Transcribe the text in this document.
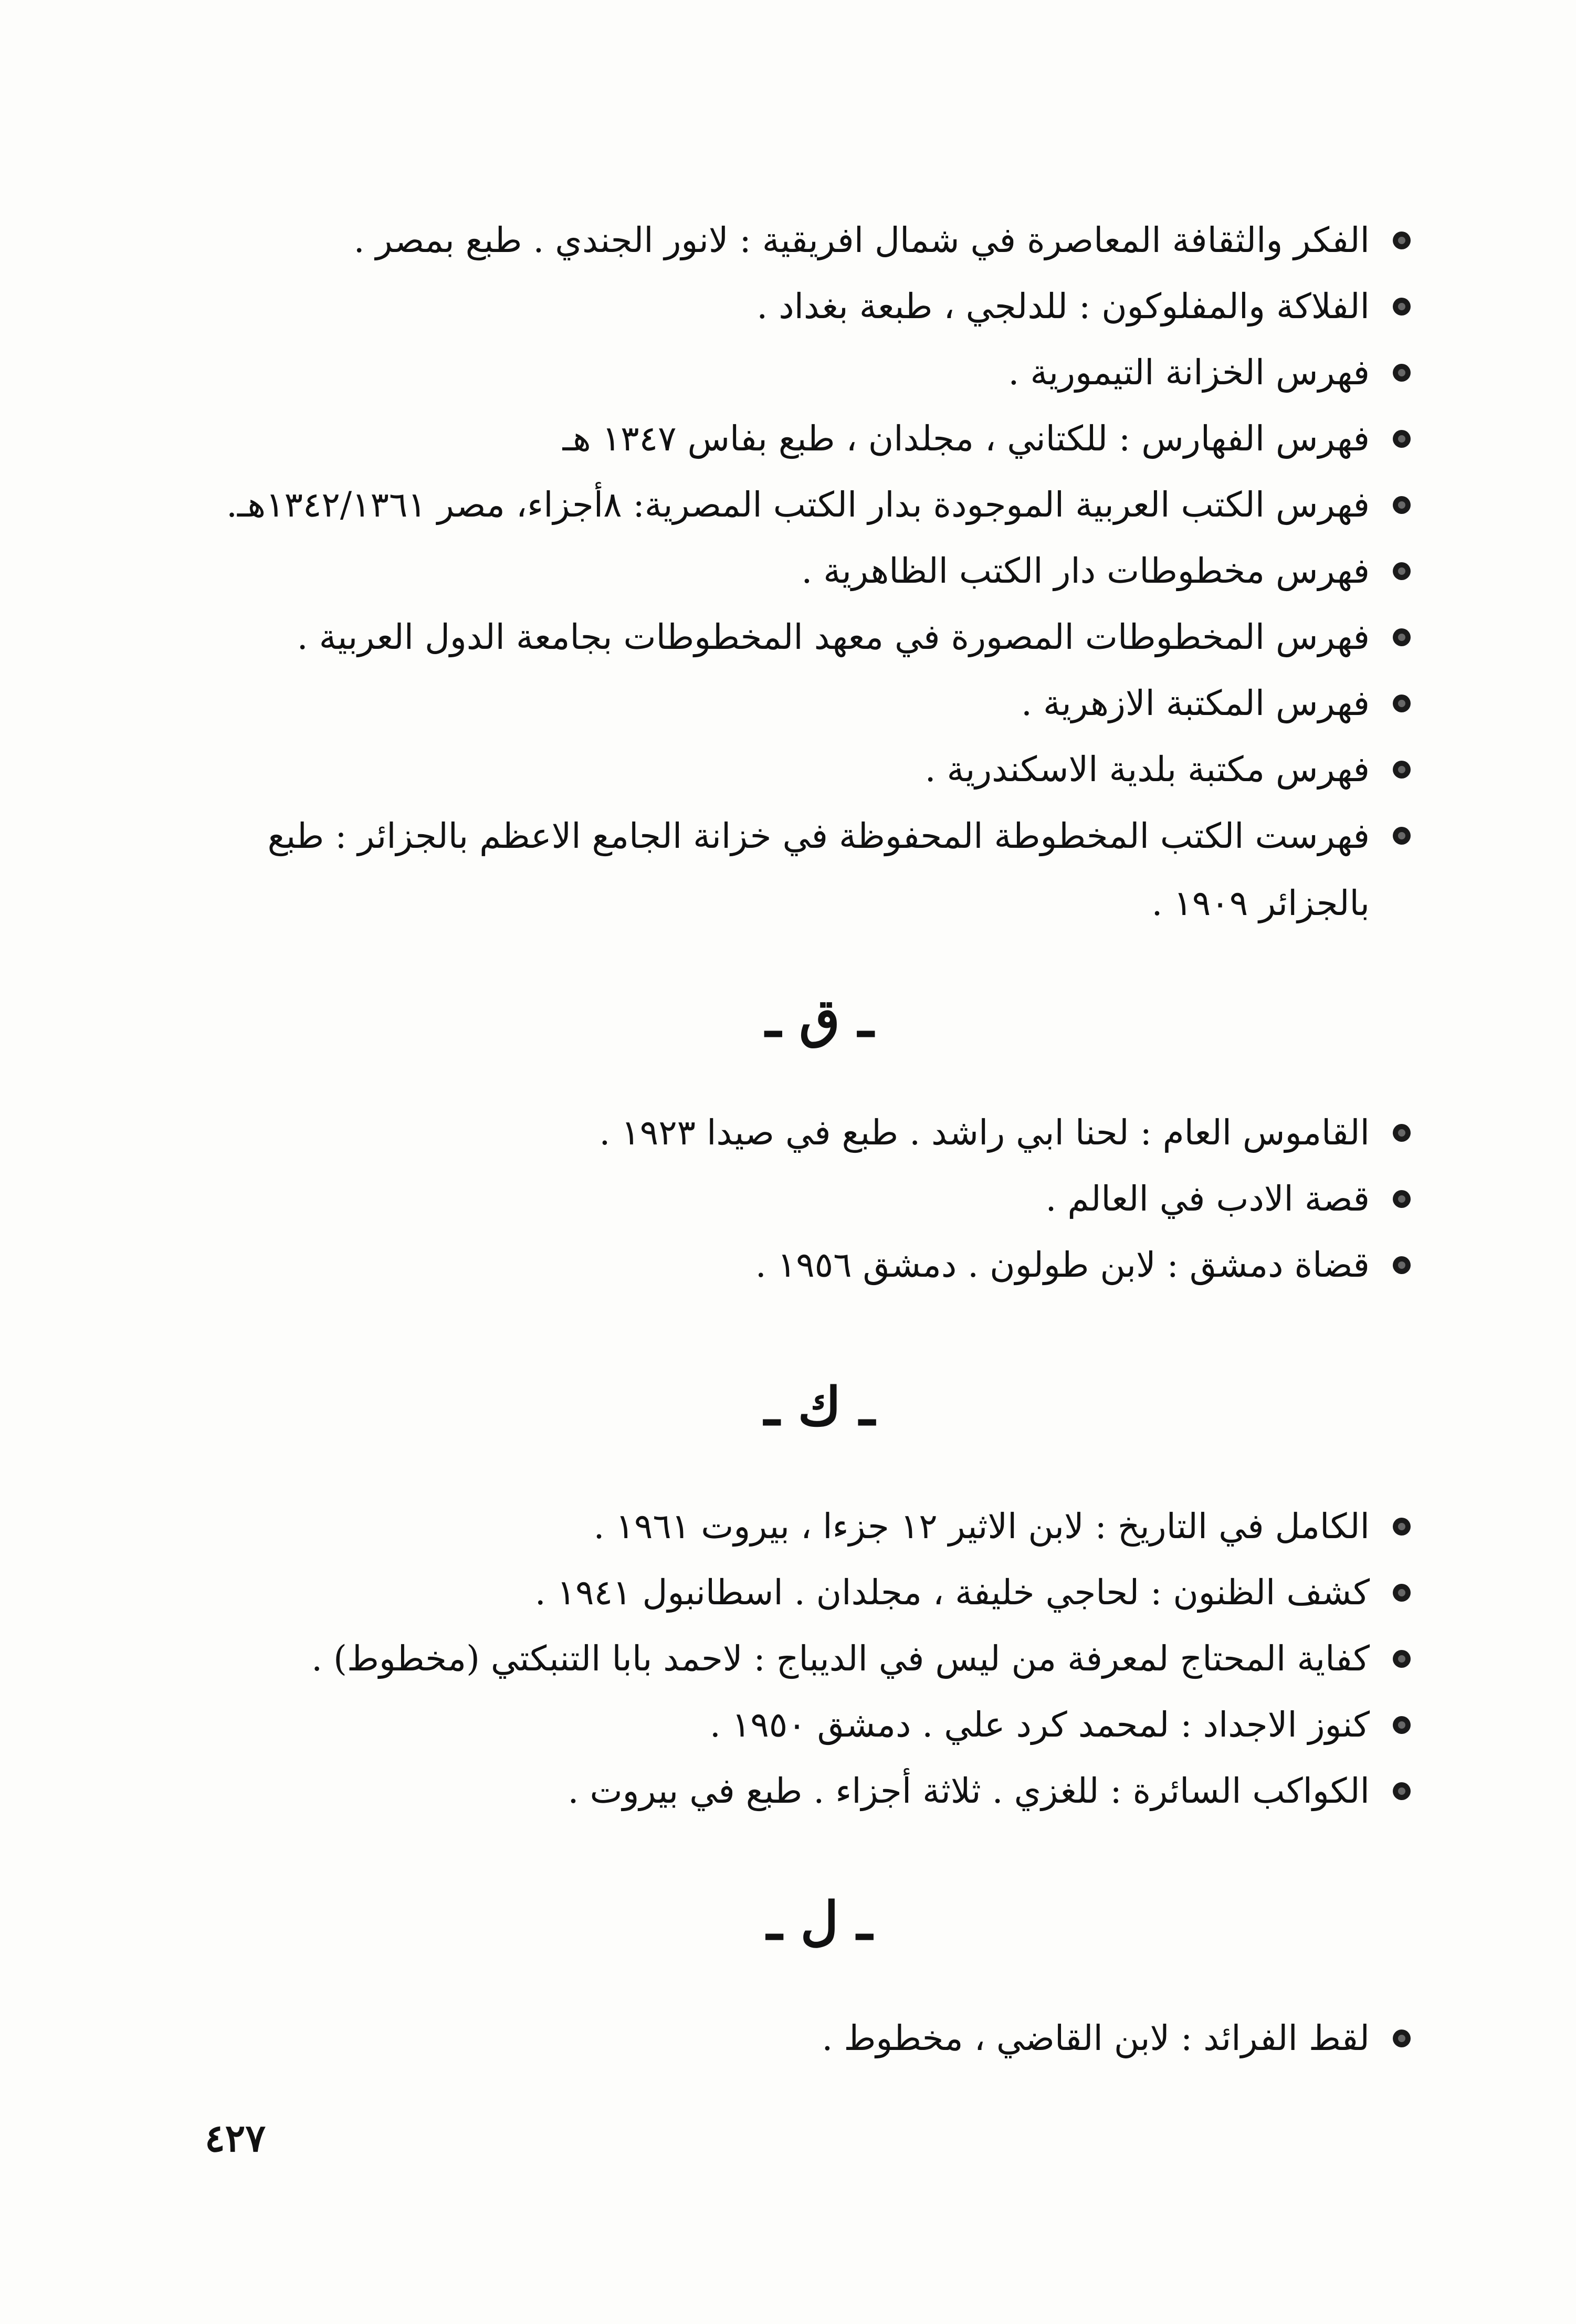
الفكر والثقافة المعاصرة في شمال افريقية : لانور الجندي . طبع بمصر .
الفلاكة والمفلوكون : للدلجي ، طبعة بغداد .
فهرس الخزانة التيمورية .
فهرس الفهارس : للكتاني ، مجلدان ، طبع بفاس ١٣٤٧ هـ
فهرس الكتب العربية الموجودة بدار الكتب المصرية: ٨أجزاء، مصر ١٣٤٢/١٣٦١هـ.
فهرس مخطوطات دار الكتب الظاهرية .
فهرس المخطوطات المصورة في معهد المخطوطات بجامعة الدول العربية .
فهرس المكتبة الازهرية .
فهرس مكتبة بلدية الاسكندرية .
فهرست الكتب المخطوطة المحفوظة في خزانة الجامع الاعظم بالجزائر : طبع بالجزائر ١٩٠٩ .
ـ ق ـ
القاموس العام : لحنا ابي راشد . طبع في صيدا ١٩٢٣ .
قصة الادب في العالم .
قضاة دمشق : لابن طولون . دمشق ١٩٥٦ .
ـ ك ـ
الكامل في التاريخ : لابن الاثير ١٢ جزءا ، بيروت ١٩٦١ .
كشف الظنون : لحاجي خليفة ، مجلدان . اسطانبول ١٩٤١ .
كفاية المحتاج لمعرفة من ليس في الديباج : لاحمد بابا التنبكتي (مخطوط) .
كنوز الاجداد : لمحمد كرد علي . دمشق ١٩٥٠ .
الكواكب السائرة : للغزي . ثلاثة أجزاء . طبع في بيروت .
ـ ل ـ
لقط الفرائد : لابن القاضي ، مخطوط .
٤٢٧
